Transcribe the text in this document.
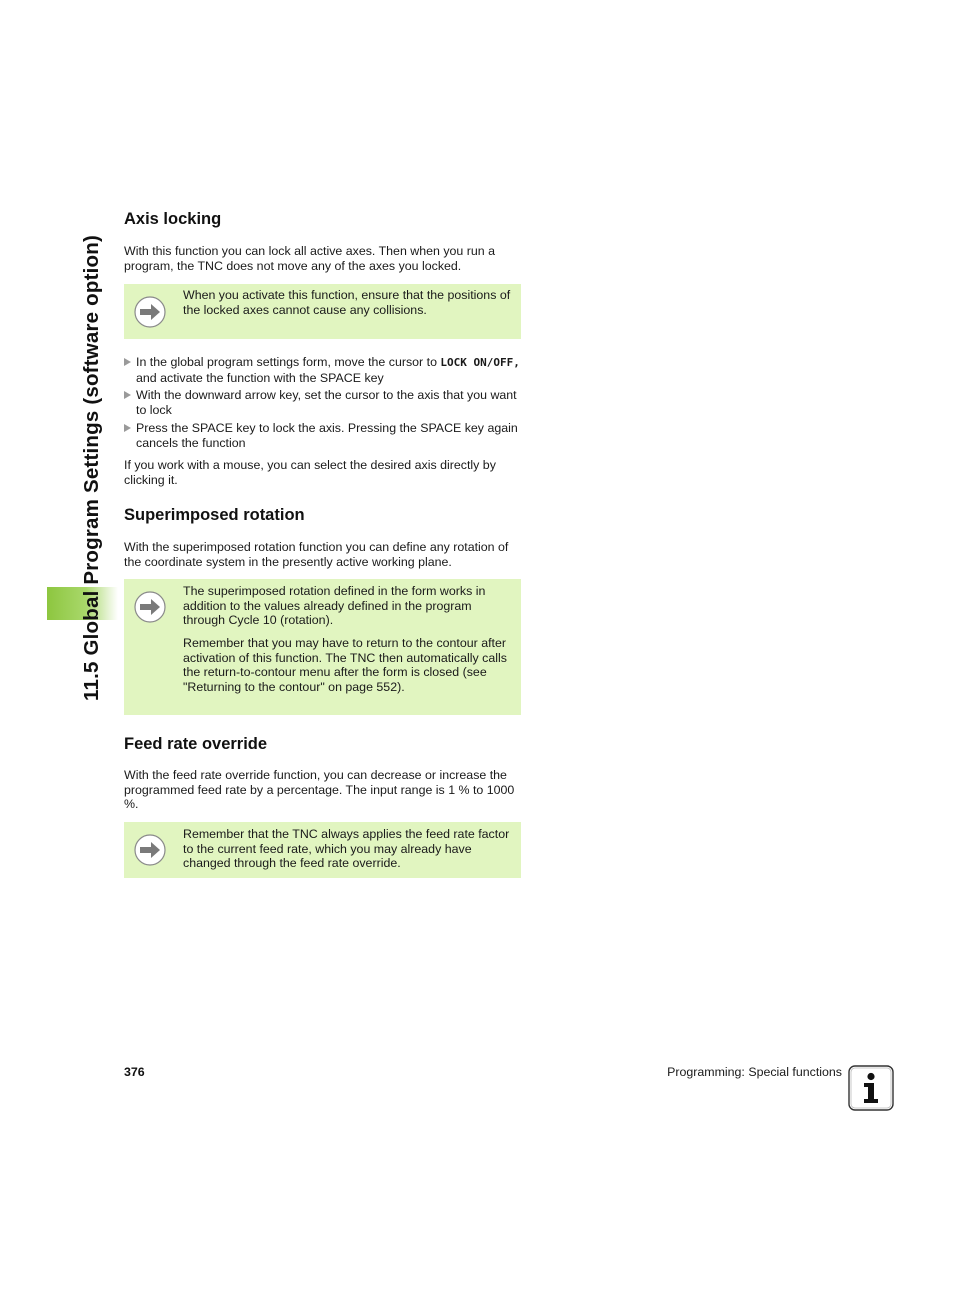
11.5 Global Program Settings (software option)
Axis locking

With this function you can lock all active axes. Then when you run a program, the TNC does not move any of the axes you locked.

When you activate this function, ensure that the positions of the locked axes cannot cause any collisions.
In the global program settings form, move the cursor to LOCK ON/OFF, and activate the function with the SPACE key
With the downward arrow key, set the cursor to the axis that you want to lock
Press the SPACE key to lock the axis. Pressing the SPACE key again cancels the function

If you work with a mouse, you can select the desired axis directly by clicking it.

Superimposed rotation

With the superimposed rotation function you can define any rotation of the coordinate system in the presently active working plane.

The superimposed rotation defined in the form works in addition to the values already defined in the program through Cycle 10 (rotation).
Remember that you may have to return to the contour after activation of this function. The TNC then automatically calls the return-to-contour menu after the form is closed (see "Returning to the contour" on page 552).
Feed rate override

With the feed rate override function, you can decrease or increase the programmed feed rate by a percentage. The input range is 1 % to 1000 %.

Remember that the TNC always applies the feed rate factor to the current feed rate, which you may already have changed through the feed rate override.
376	Programming: Special functions
